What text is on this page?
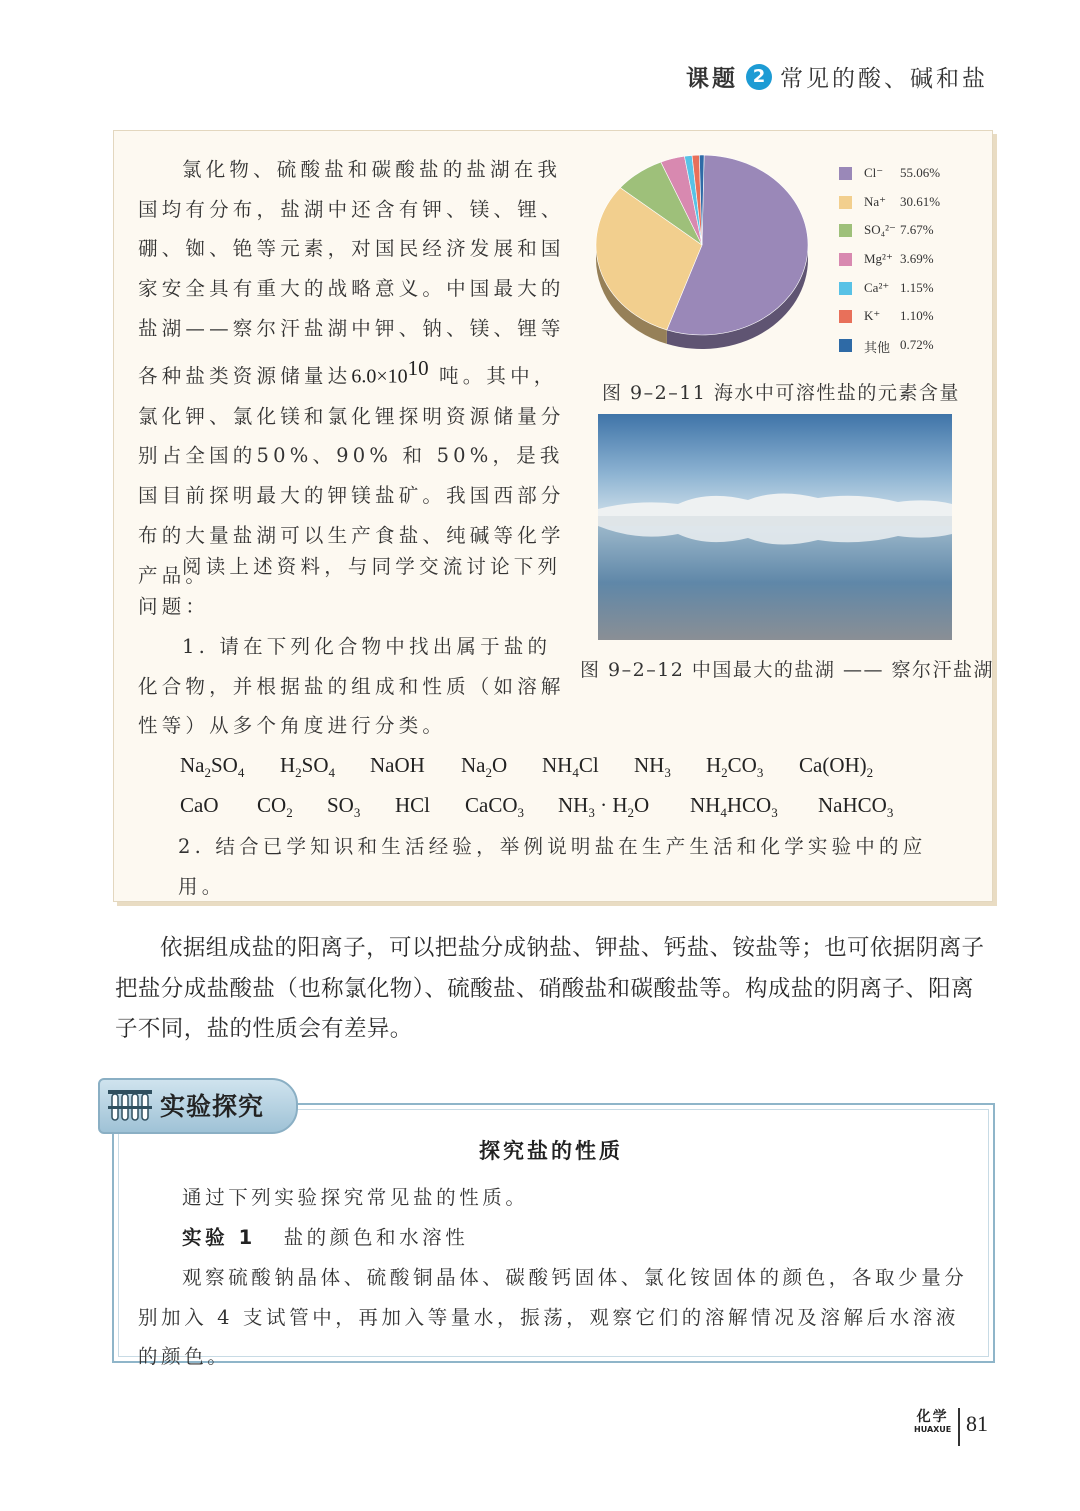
课题 2 常见的酸、碱和盐
氯化物、硫酸盐和碳酸盐的盐湖在我国均有分布，盐湖中还含有钾、镁、锂、硼、铷、铯等元素，对国民经济发展和国家安全具有重大的战略意义。中国最大的盐湖——察尔汗盐湖中钾、钠、镁、锂等各种盐类资源储量达$6.0\times 10^{10}$ 吨。其中，氯化钾、氯化镁和氯化锂探明资源储量分别占全国的50%、90% 和 50%，是我国目前探明最大的钾镁盐矿。我国西部分布的大量盐湖可以生产食盐、纯碱等化学产品。
阅读上述资料，与同学交流讨论下列问题：
1. 请在下列化合物中找出属于盐的化合物，并根据盐的组成和性质（如溶解性等）从多个角度进行分类。
$Na_2SO_4$ $H_2SO_4$ NaOH $Na_2O$ $NH_4Cl$ $NH_3$ $H_2CO_3$ $Ca(OH)_2$
CaO $CO_2$ $SO_3$ HCl CaCO$_3$ $NH_3 \cdot H_2O$ $NH_4HCO_3$ NaHCO$_3$
2. 结合已学知识和生活经验，举例说明盐在生产生活和化学实验中的应用。
Cl⁻ 55.06%
Na⁺ 30.61%
SO₄²⁻ 7.67%
Mg²⁺ 3.69%
Ca²⁺ 1.15%
K⁺ 1.10%
其他 0.72%
图 9–2–11 海水中可溶性盐的元素含量
图 9–2–12 中国最大的盐湖 —— 察尔汗盐湖
依据组成盐的阳离子，可以把盐分成钠盐、钾盐、钙盐、铵盐等；也可依据阴离子把盐分成盐酸盐（也称氯化物）、硫酸盐、硝酸盐和碳酸盐等。构成盐的阴离子、阳离子不同，盐的性质会有差异。
实验探究
探究盐的性质
通过下列实验探究常见盐的性质。
实验 1 盐的颜色和水溶性
观察硫酸钠晶体、硫酸铜晶体、碳酸钙固体、氯化铵固体的颜色，各取少量分别加入 4 支试管中，再加入等量水，振荡，观察它们的溶解情况及溶解后水溶液的颜色。
化学
HUAXUE 81
